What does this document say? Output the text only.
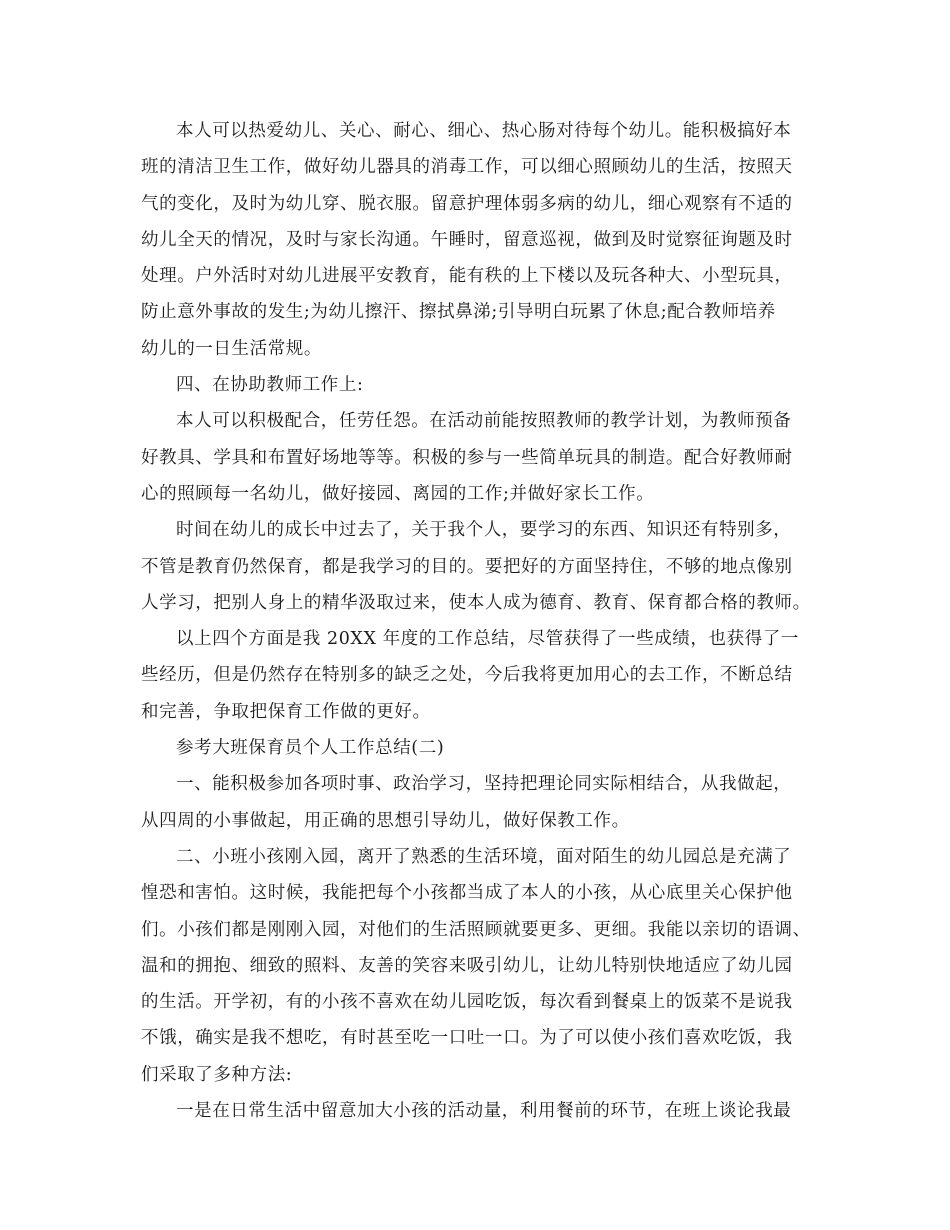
本人可以热爱幼儿、关心、耐心、细心、热心肠对待每个幼儿。能积极搞好本
班的清洁卫生工作，做好幼儿器具的消毒工作，可以细心照顾幼儿的生活，按照天
气的变化，及时为幼儿穿、脱衣服。留意护理体弱多病的幼儿，细心观察有不适的
幼儿全天的情况，及时与家长沟通。午睡时，留意巡视，做到及时觉察征询题及时
处理。户外活时对幼儿进展平安教育，能有秩的上下楼以及玩各种大、小型玩具，
防止意外事故的发生;为幼儿擦汗、擦拭鼻涕;引导明白玩累了休息;配合教师培养
幼儿的一日生活常规。
四、在协助教师工作上:
本人可以积极配合，任劳任怨。在活动前能按照教师的教学计划，为教师预备
好教具、学具和布置好场地等等。积极的参与一些简单玩具的制造。配合好教师耐
心的照顾每一名幼儿，做好接园、离园的工作;并做好家长工作。
时间在幼儿的成长中过去了，关于我个人，要学习的东西、知识还有特别多，
不管是教育仍然保育，都是我学习的目的。要把好的方面坚持住，不够的地点像别
人学习，把别人身上的精华汲取过来，使本人成为德育、教育、保育都合格的教师。
以上四个方面是我 20XX 年度的工作总结，尽管获得了一些成绩，也获得了一
些经历，但是仍然存在特别多的缺乏之处，今后我将更加用心的去工作，不断总结
和完善，争取把保育工作做的更好。
参考大班保育员个人工作总结(二)
一、能积极参加各项时事、政治学习，坚持把理论同实际相结合，从我做起，
从四周的小事做起，用正确的思想引导幼儿，做好保教工作。
二、小班小孩刚入园，离开了熟悉的生活环境，面对陌生的幼儿园总是充满了
惶恐和害怕。这时候，我能把每个小孩都当成了本人的小孩，从心底里关心保护他
们。小孩们都是刚刚入园，对他们的生活照顾就要更多、更细。我能以亲切的语调、
温和的拥抱、细致的照料、友善的笑容来吸引幼儿，让幼儿特别快地适应了幼儿园
的生活。开学初，有的小孩不喜欢在幼儿园吃饭，每次看到餐桌上的饭菜不是说我
不饿，确实是我不想吃，有时甚至吃一口吐一口。为了可以使小孩们喜欢吃饭，我
们采取了多种方法:
一是在日常生活中留意加大小孩的活动量，利用餐前的环节，在班上谈论我最
